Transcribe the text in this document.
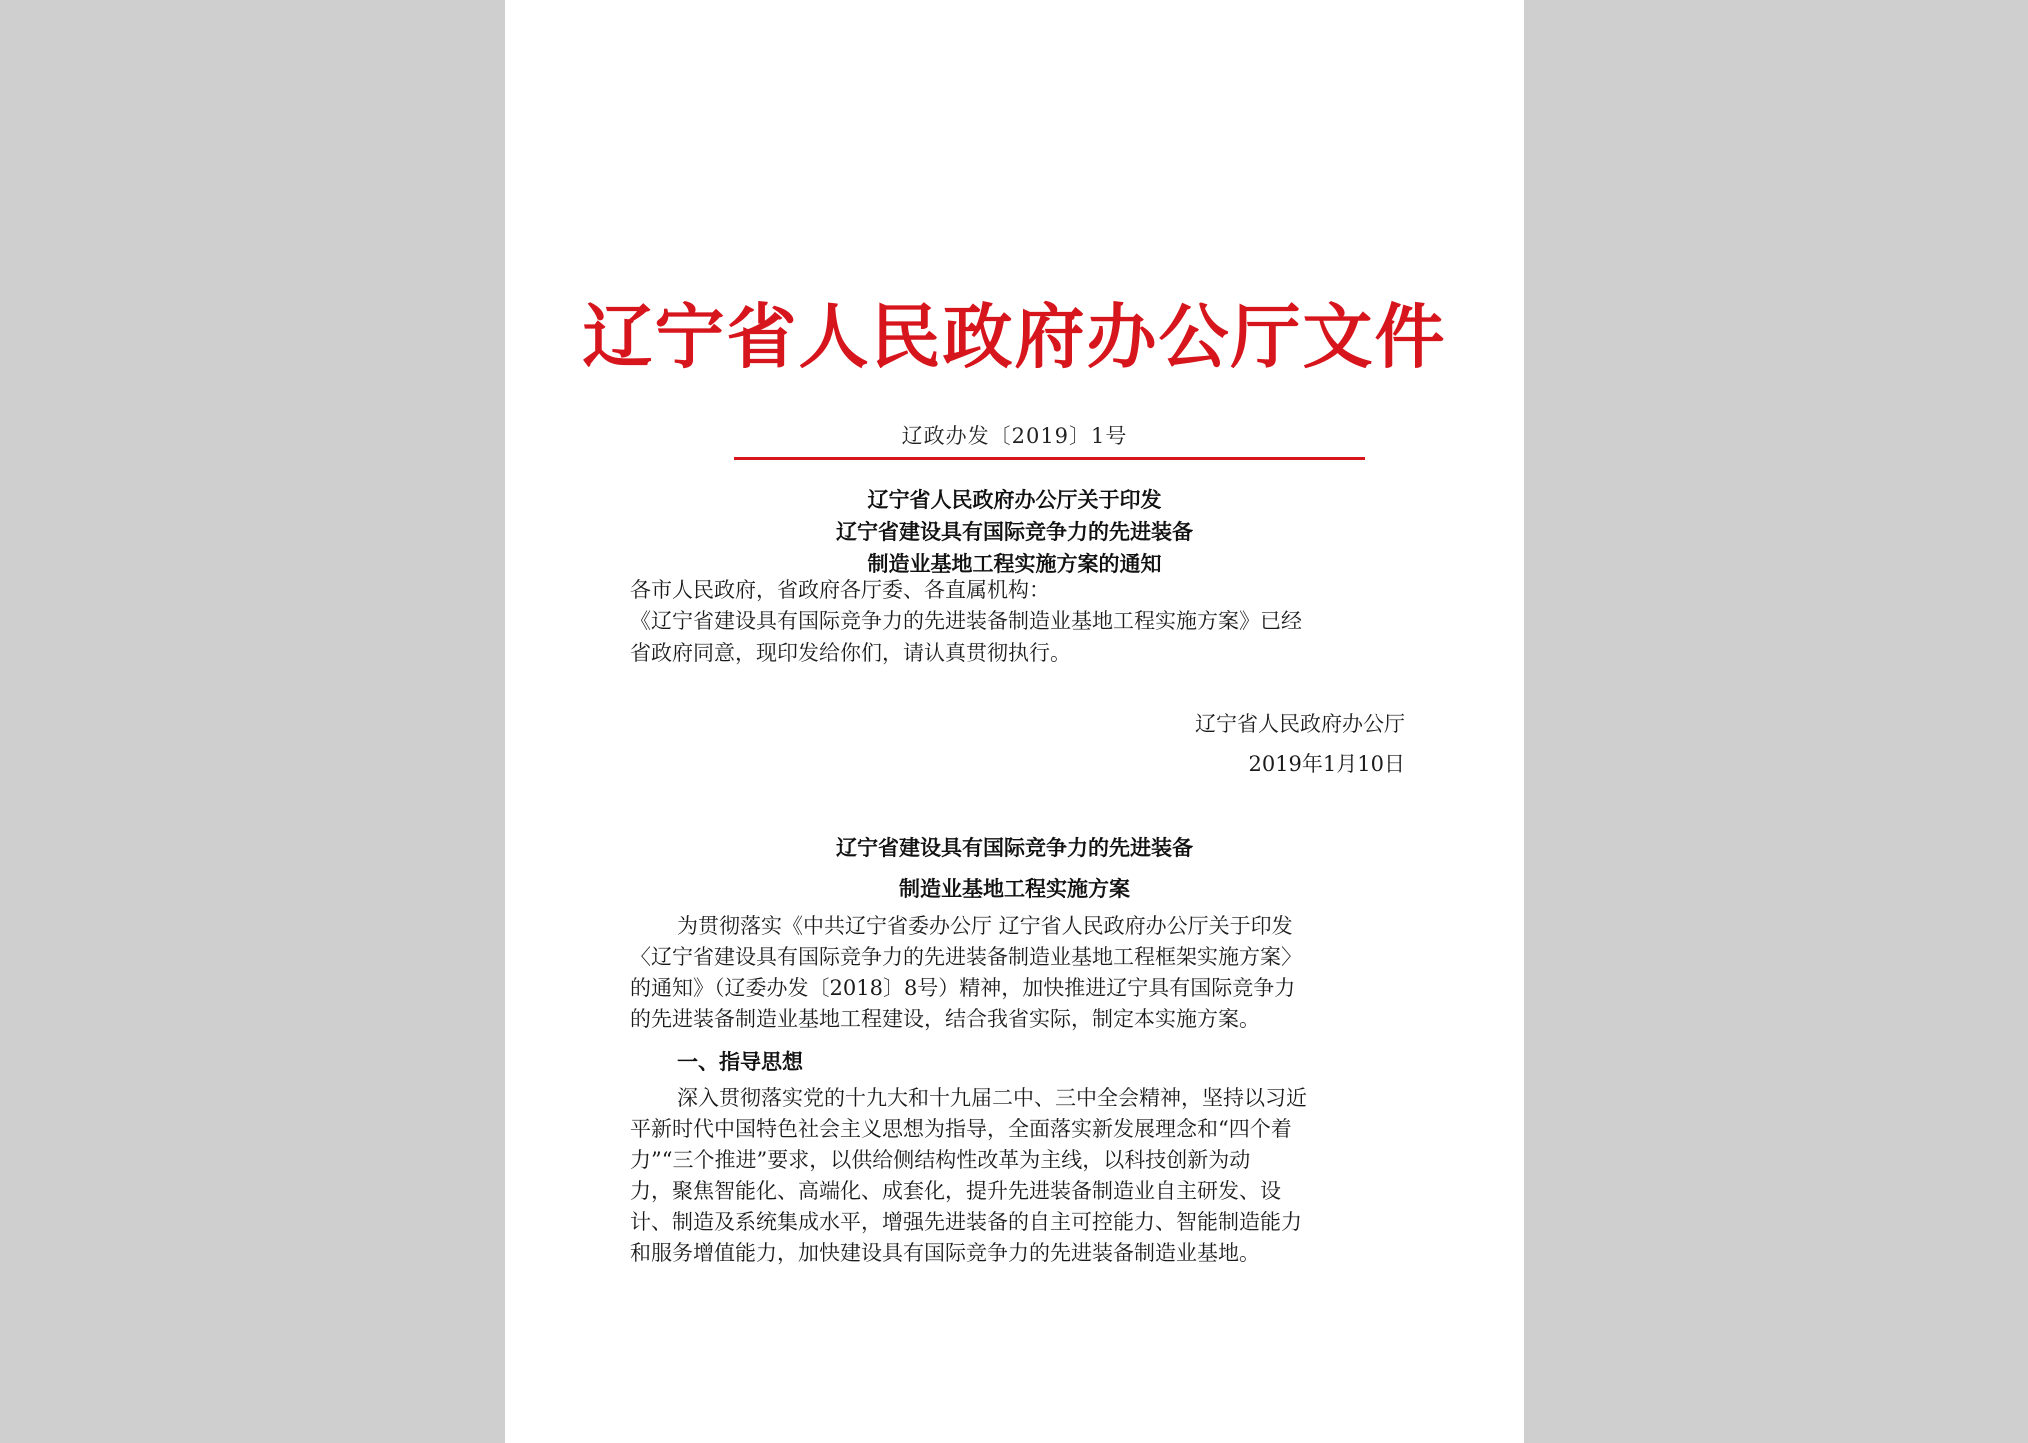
辽宁省人民政府办公厅文件
辽政办发〔2019〕1号
辽宁省人民政府办公厅关于印发
辽宁省建设具有国际竞争力的先进装备
制造业基地工程实施方案的通知
各市人民政府，省政府各厅委、各直属机构：
《辽宁省建设具有国际竞争力的先进装备制造业基地工程实施方案》已经
省政府同意，现印发给你们，请认真贯彻执行。
辽宁省人民政府办公厅
2019年1月10日
辽宁省建设具有国际竞争力的先进装备
制造业基地工程实施方案
为贯彻落实《中共辽宁省委办公厅 辽宁省人民政府办公厅关于印发
〈辽宁省建设具有国际竞争力的先进装备制造业基地工程框架实施方案〉
的通知》（辽委办发〔2018〕8号）精神，加快推进辽宁具有国际竞争力
的先进装备制造业基地工程建设，结合我省实际，制定本实施方案。
一、指导思想
深入贯彻落实党的十九大和十九届二中、三中全会精神，坚持以习近
平新时代中国特色社会主义思想为指导，全面落实新发展理念和“四个着
力”“三个推进”要求，以供给侧结构性改革为主线，以科技创新为动
力，聚焦智能化、高端化、成套化，提升先进装备制造业自主研发、设
计、制造及系统集成水平，增强先进装备的自主可控能力、智能制造能力
和服务增值能力，加快建设具有国际竞争力的先进装备制造业基地。
